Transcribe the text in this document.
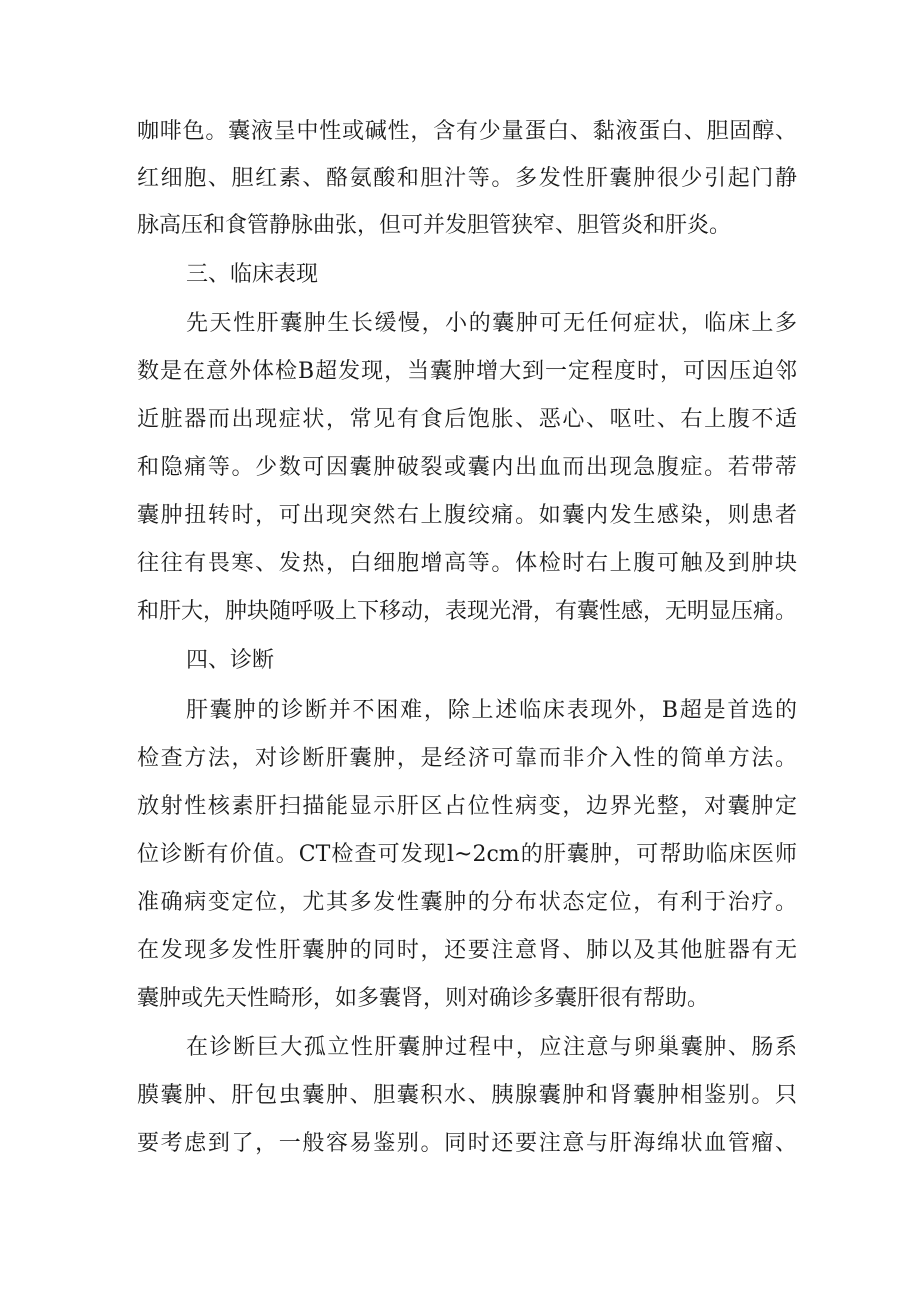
咖啡色。囊液呈中性或碱性，含有少量蛋白、黏液蛋白、胆固醇、
红细胞、胆红素、酪氨酸和胆汁等。多发性肝囊肿很少引起门静
脉高压和食管静脉曲张，但可并发胆管狭窄、胆管炎和肝炎。
三、临床表现
先天性肝囊肿生长缓慢，小的囊肿可无任何症状，临床上多
数是在意外体检B超发现，当囊肿增大到一定程度时，可因压迫邻
近脏器而出现症状，常见有食后饱胀、恶心、呕吐、右上腹不适
和隐痛等。少数可因囊肿破裂或囊内出血而出现急腹症。若带蒂
囊肿扭转时，可出现突然右上腹绞痛。如囊内发生感染，则患者
往往有畏寒、发热，白细胞增高等。体检时右上腹可触及到肿块
和肝大，肿块随呼吸上下移动，表现光滑，有囊性感，无明显压痛。
四、诊断
肝囊肿的诊断并不困难，除上述临床表现外，B超是首选的
检查方法，对诊断肝囊肿，是经济可靠而非介入性的简单方法。
放射性核素肝扫描能显示肝区占位性病变，边界光整，对囊肿定
位诊断有价值。CT检查可发现l~2cm的肝囊肿，可帮助临床医师
准确病变定位，尤其多发性囊肿的分布状态定位，有利于治疗。
在发现多发性肝囊肿的同时，还要注意肾、肺以及其他脏器有无
囊肿或先天性畸形，如多囊肾，则对确诊多囊肝很有帮助。
在诊断巨大孤立性肝囊肿过程中，应注意与卵巢囊肿、肠系
膜囊肿、肝包虫囊肿、胆囊积水、胰腺囊肿和肾囊肿相鉴别。只
要考虑到了，一般容易鉴别。同时还要注意与肝海绵状血管瘤、
